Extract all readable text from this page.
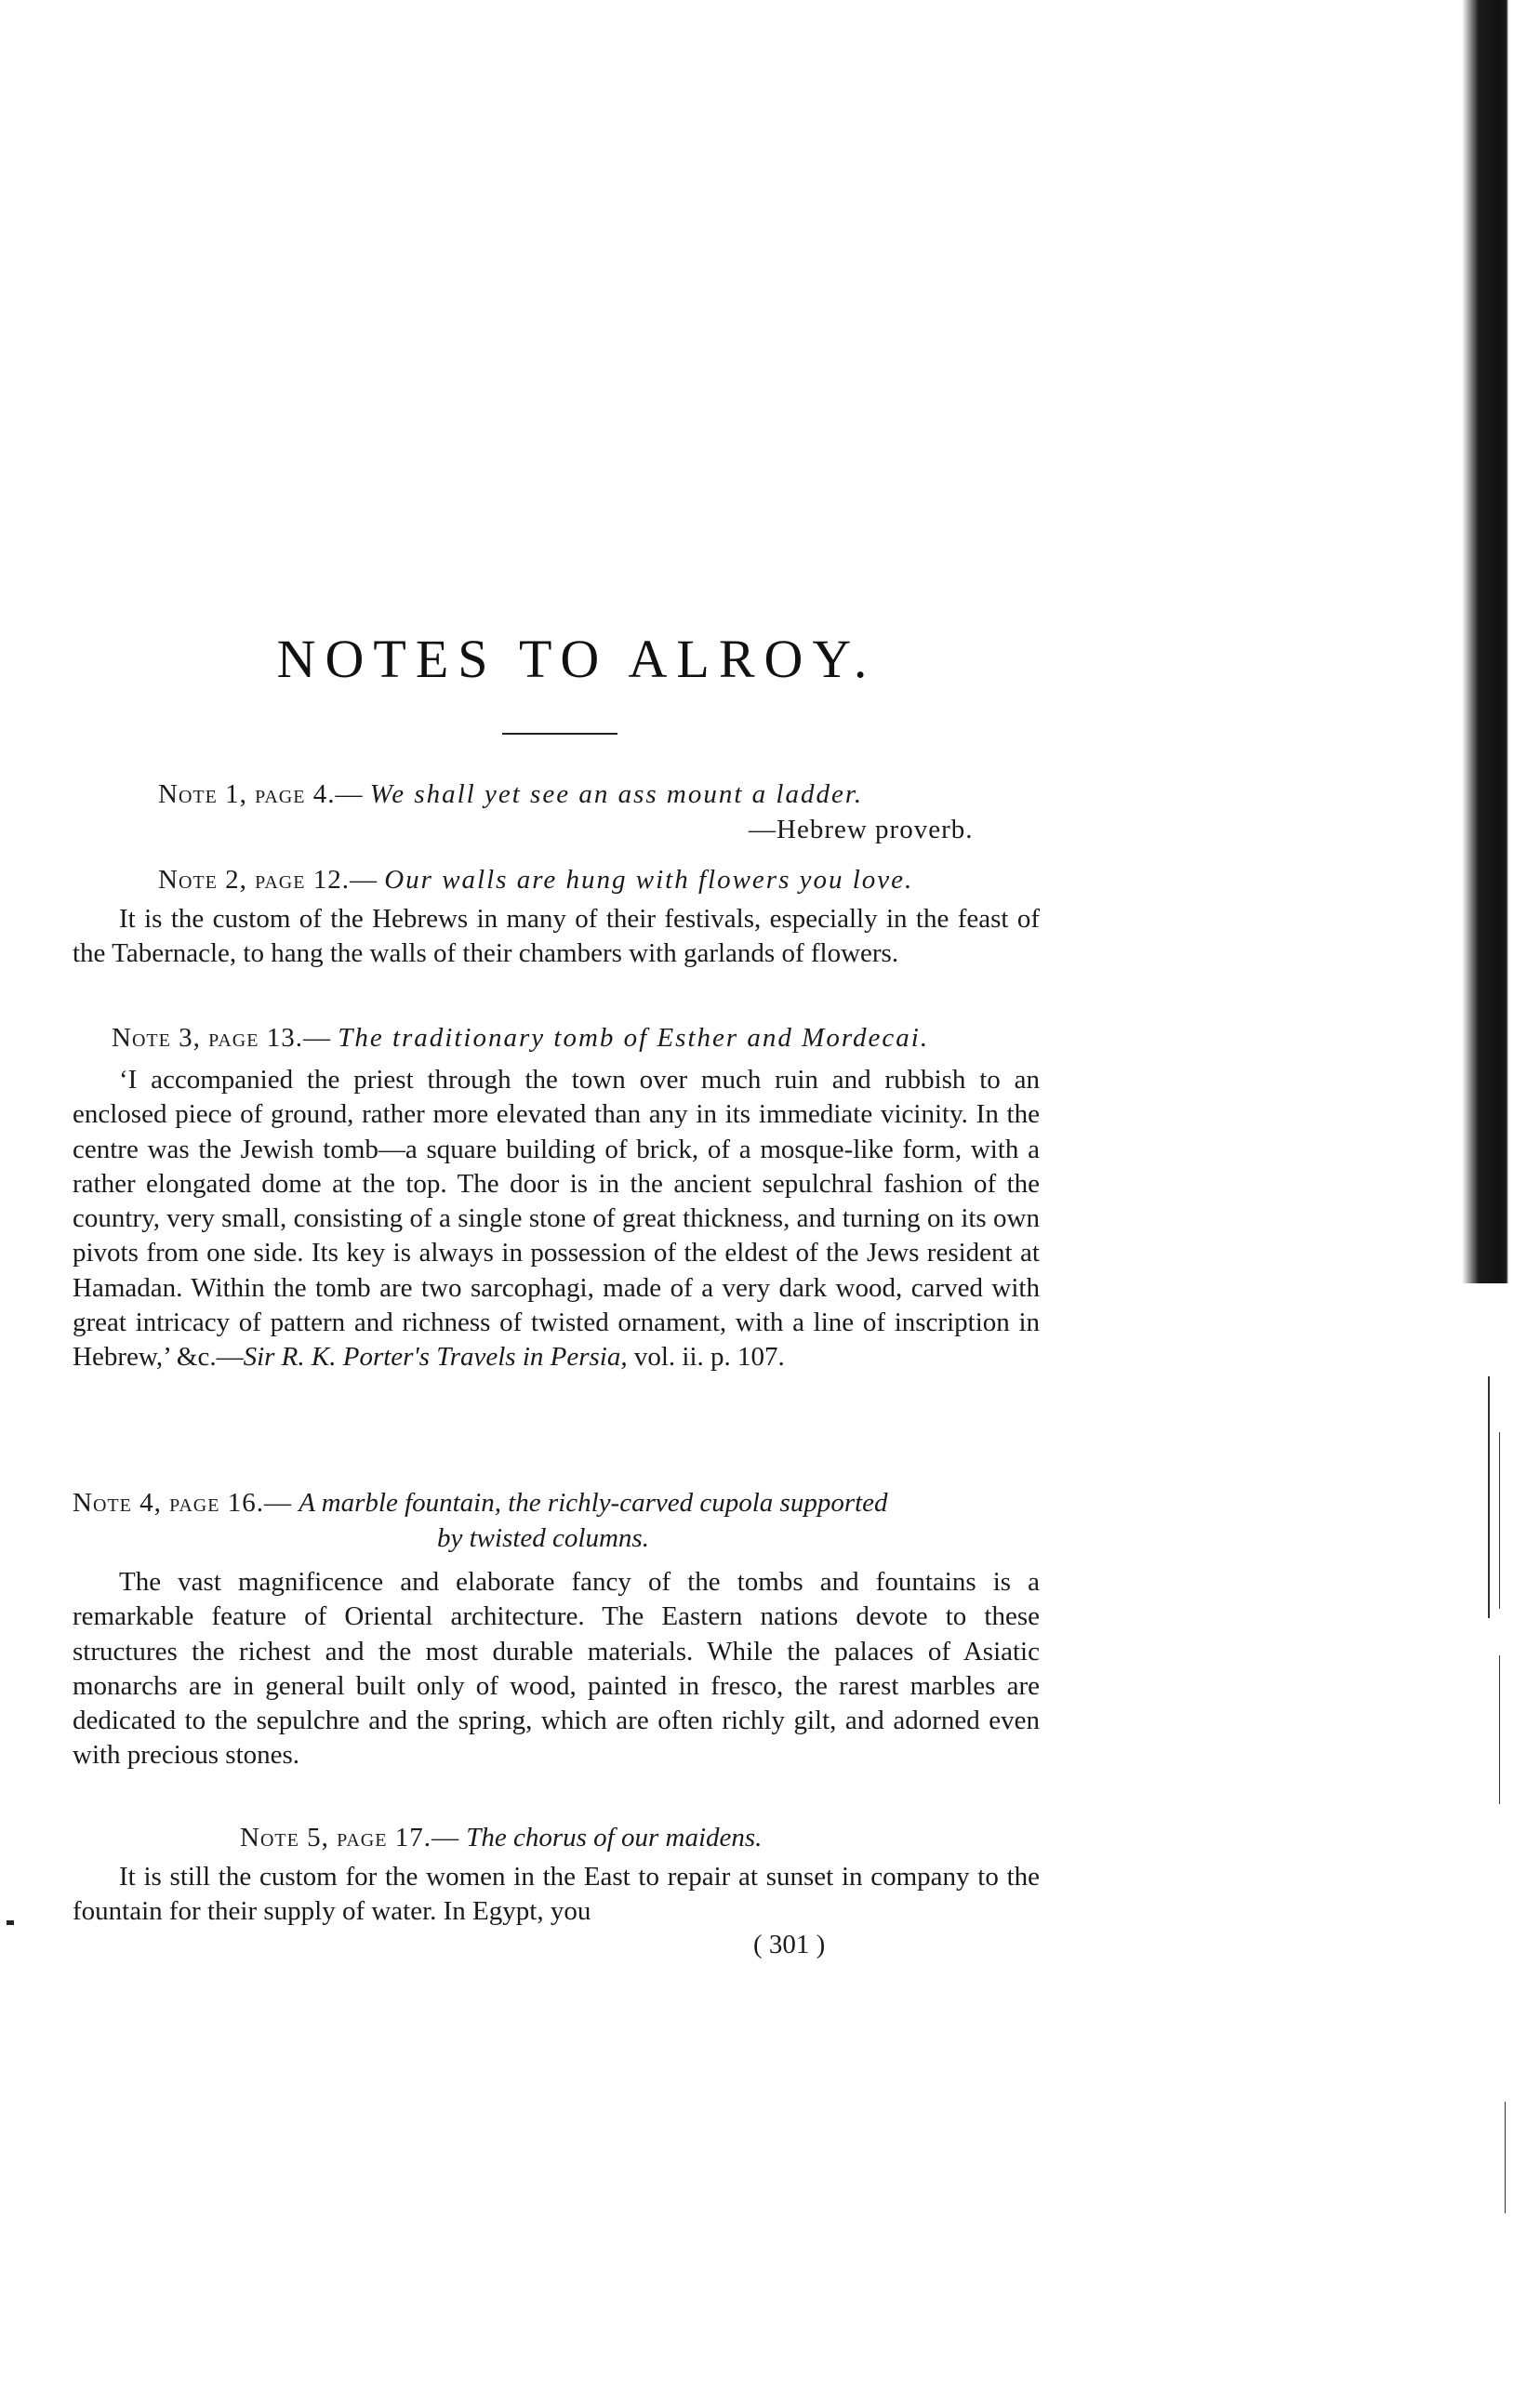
NOTES TO ALROY.
Note 1, page 4.— We shall yet see an ass mount a ladder.
—Hebrew proverb.
Note 2, page 12.— Our walls are hung with flowers you love.

It is the custom of the Hebrews in many of their festivals, especially in the feast of the Tabernacle, to hang the walls of their chambers with garlands of flowers.

Note 3, page 13.— The traditionary tomb of Esther and Mordecai.

‘I accompanied the priest through the town over much ruin and rubbish to an enclosed piece of ground, rather more elevated than any in its immediate vicinity. In the centre was the Jewish tomb—a square building of brick, of a mosque-like form, with a rather elongated dome at the top. The door is in the ancient sepulchral fashion of the country, very small, consisting of a single stone of great thickness, and turning on its own pivots from one side. Its key is always in possession of the eldest of the Jews resident at Hamadan. Within the tomb are two sarcophagi, made of a very dark wood, carved with great intricacy of pattern and richness of twisted ornament, with a line of inscription in Hebrew,’ &c.—Sir R. K. Porter's Travels in Persia, vol. ii. p. 107.

Note 4, page 16.— A marble fountain, the richly-carved cupola supported
by twisted columns.

The vast magnificence and elaborate fancy of the tombs and fountains is a remarkable feature of Oriental architecture. The Eastern nations devote to these structures the richest and the most durable materials. While the palaces of Asiatic monarchs are in general built only of wood, painted in fresco, the rarest marbles are dedicated to the sepulchre and the spring, which are often richly gilt, and adorned even with precious stones.

Note 5, page 17.— The chorus of our maidens.

It is still the custom for the women in the East to repair at sunset in company to the fountain for their supply of water. In Egypt, you

( 301 )
